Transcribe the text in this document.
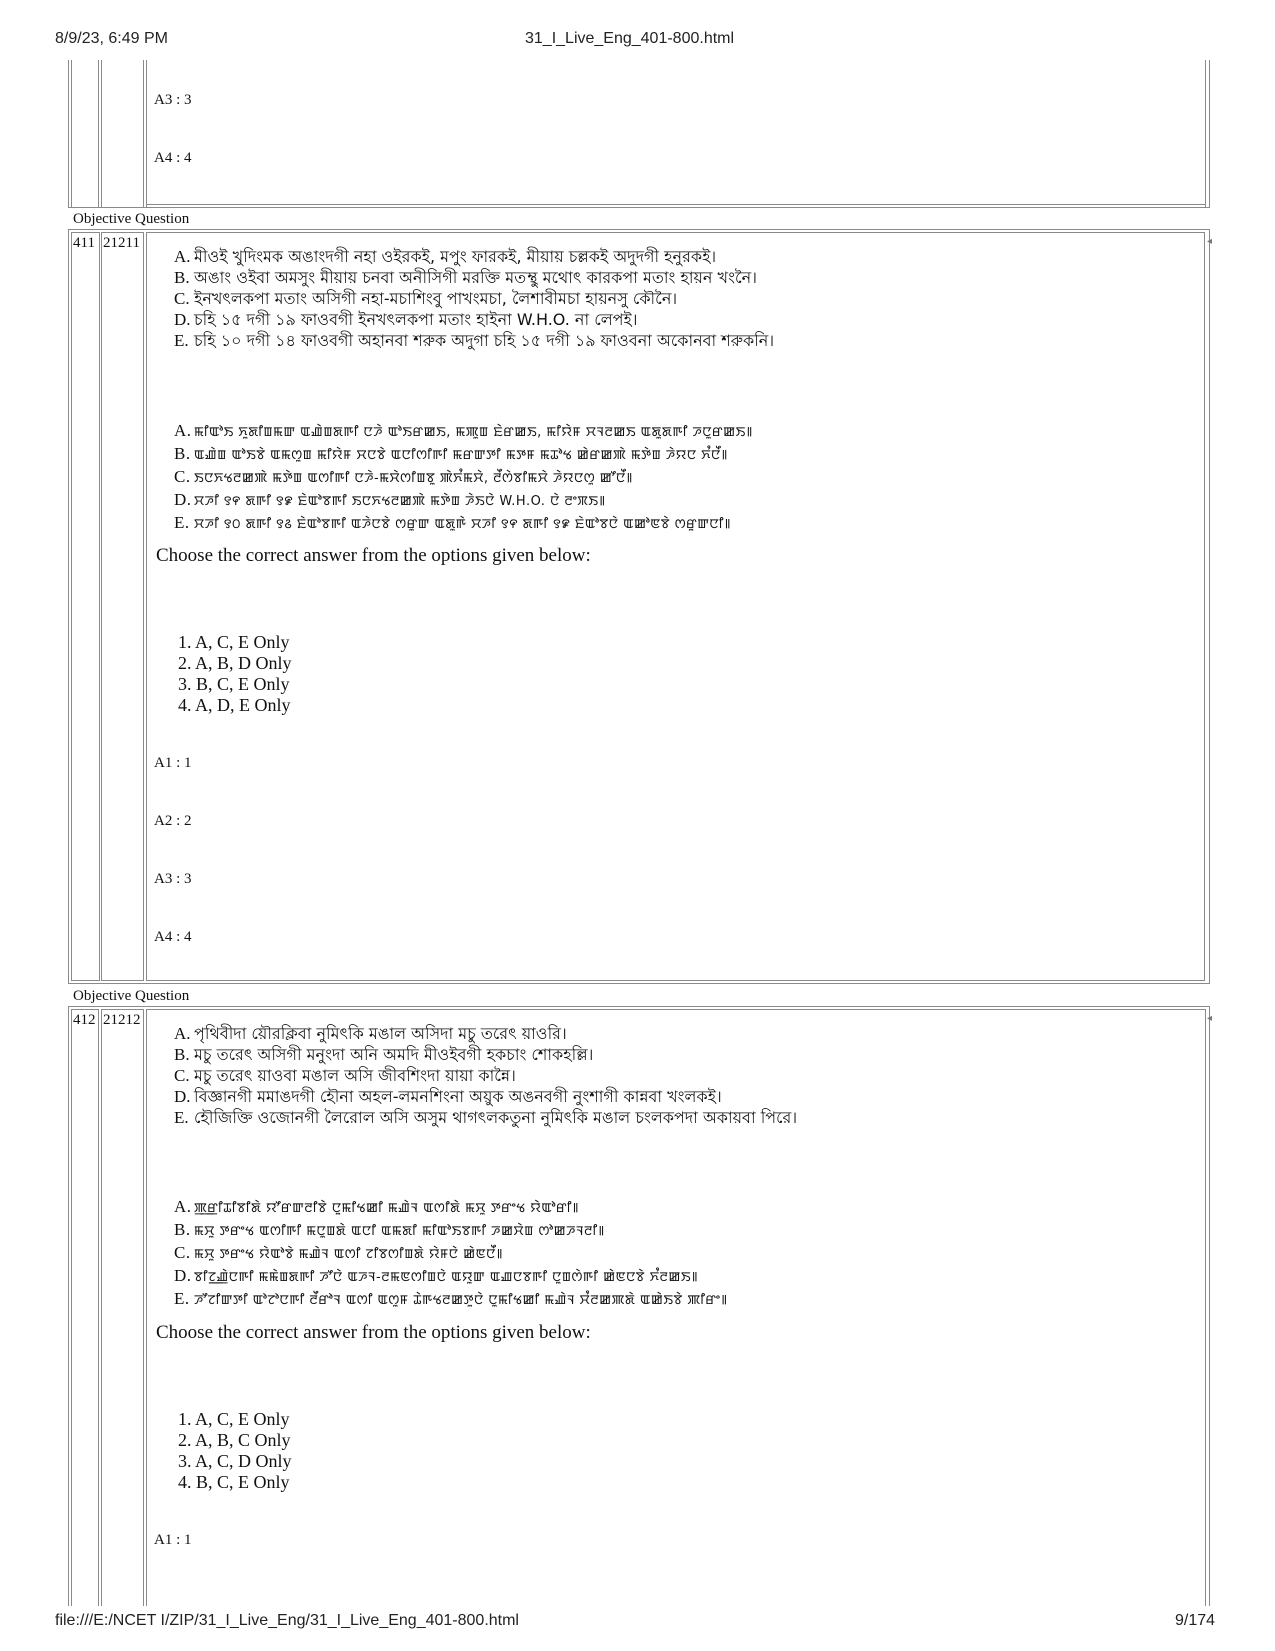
8/9/23, 6:49 PM	31_I_Live_Eng_401-800.html
A3 : 3
A4 : 4
Objective Question
411 21211	◂
A. মীওই খুদিংমক অঙাংদগী নহা ওইরকই, মপুং ফারকই, মীয়ায় চল্লকই অদুদগী হনুরকই।
B. অঙাং ওইবা অমসুং মীয়ায় চনবা অনীসিগী মরক্তি মতম্থু মথোৎ কারকপা মতাং হায়ন খংনৈ।
C. ইনখৎলকপা মতাং অসিগী নহা-মচাশিংবু পাখংমচা, লৈশাবীমচা হায়নসু কৌনৈ।
D. চহি ১৫ দগী ১৯ ফাওবগী ইনখৎলকপা মতাং হাইনা W.H.O. না লেপই।
E. চহি ১০ দগী ১৪ ফাওবগী অহানবা শরুক অদুগা চহি ১৫ দগী ১৯ ফাওবনা অকোনবা শরুকনি।
A. ꯃꯤꯑꯣꯏ ꯈꯨꯗꯤꯡꯃꯛ ꯑꯉꯥꯡꯗꯒꯤ ꯅꯍꯥ ꯑꯣꯏꯔꯀꯏ, ꯃꯄꯨꯡ ꯐꯥꯔꯀꯏ, ꯃꯤꯌꯥꯝ ꯆꯜꯂꯀꯏ ꯑꯗꯨꯗꯒꯤ ꯍꯅꯨꯔꯀꯏ꯫
B. ꯑꯉꯥꯡ ꯑꯣꯏꯕꯥ ꯑꯃꯁꯨꯡ ꯃꯤꯌꯥꯝ ꯆꯅꯕꯥ ꯑꯅꯤꯁꯤꯒꯤ ꯃꯔꯛꯇꯤ ꯃꯇꯝ ꯃꯊꯣꯠ ꯀꯥꯔꯀꯄꯥ ꯃꯇꯥꯡ ꯍꯥꯌꯅ ꯈꯪꯅꯩ꯫
C. ꯏꯅꯈꯠꯂꯀꯄꯥ ꯃꯇꯥꯡ ꯑꯁꯤꯒꯤ ꯅꯍꯥ-ꯃꯆꯥꯁꯤꯡꯕꯨ ꯄꯥꯈꯪꯃꯆꯥ, ꯂꯩꯁꯥꯕꯤꯃꯆꯥ ꯍꯥꯌꯅꯁꯨ ꯀꯧꯅꯩ꯫
D. ꯆꯍꯤ ꯱꯵ ꯗꯒꯤ ꯱꯹ ꯐꯥꯑꯣꯕꯒꯤ ꯏꯅꯈꯠꯂꯀꯄꯥ ꯃꯇꯥꯡ ꯍꯥꯏꯅꯥ W.H.O. ꯅꯥ ꯂꯦꯞꯏ꯫
E. ꯆꯍꯤ ꯱꯰ ꯗꯒꯤ ꯱꯴ ꯐꯥꯑꯣꯕꯒꯤ ꯑꯍꯥꯅꯕꯥ ꯁꯔꯨꯛ ꯑꯗꯨꯒꯥ ꯆꯍꯤ ꯱꯵ ꯗꯒꯤ ꯱꯹ ꯐꯥꯑꯣꯕꯅꯥ ꯑꯀꯣꯟꯕꯥ ꯁꯔꯨꯛꯅꯤ꯫
Choose the correct answer from the options given below:
1. A, C, E Only
2. A, B, D Only
3. B, C, E Only
4. A, D, E Only
A1 : 1
A2 : 2
A3 : 3
A4 : 4
Objective Question
412 21212	◂
A. পৃথিবীদা য়ৌরক্লিবা নুমিৎকি মঙাল অসিদা মচু তরেৎ য়াওরি।
B. মচু তরেৎ অসিগী মনুংদা অনি অমদি মীওইবগী হকচাং শোকহল্লি।
C. মচু তরেৎ য়াওবা মঙাল অসি জীবশিংদা য়ায়া কান্নৈ।
D. বিজ্ঞানগী মমাঙদগী হৌনা অহল-লমনশিংনা অয়ুক অঙনবগী নুংশাগী কান্নবা খংলকই।
E. হৌজিক্তি ওজোনগী লৈরোল অসি অসুম থাগৎলকতুনা নুমিৎকি মঙাল চংলকপদা অকায়বা পিরে।
A. ꯄ꯭ꯔꯤꯊꯤꯕꯤꯗꯥ ꯌꯧꯔꯛꯂꯤꯕꯥ ꯅꯨꯃꯤꯠꯀꯤ ꯃꯉꯥꯜ ꯑꯁꯤꯗꯥ ꯃꯆꯨ ꯇꯔꯦꯠ ꯌꯥꯑꯣꯔꯤ꯫
B. ꯃꯆꯨ ꯇꯔꯦꯠ ꯑꯁꯤꯒꯤ ꯃꯅꯨꯡꯗꯥ ꯑꯅꯤ ꯑꯃꯗꯤ ꯃꯤꯑꯣꯏꯕꯒꯤ ꯍꯀꯆꯥꯡ ꯁꯣꯀꯍꯜꯂꯤ꯫
C. ꯃꯆꯨ ꯇꯔꯦꯠ ꯌꯥꯑꯣꯕꯥ ꯃꯉꯥꯜ ꯑꯁꯤ ꯖꯤꯕꯁꯤꯡꯗꯥ ꯌꯥꯝꯅꯥ ꯀꯥꯟꯅꯩ꯫
D. ꯕꯤꯖ꯭ꯉꯥꯅꯒꯤ ꯃꯃꯥꯡꯗꯒꯤ ꯍꯧꯅꯥ ꯑꯍꯜ-ꯂꯃꯟꯁꯤꯡꯅꯥ ꯑꯌꯨꯛ ꯑꯉꯅꯕꯒꯤ ꯅꯨꯡꯁꯥꯒꯤ ꯀꯥꯟꯅꯕꯥ ꯈꯪꯂꯀꯏ꯫
E. ꯍꯧꯖꯤꯛꯇꯤ ꯑꯣꯖꯣꯅꯒꯤ ꯂꯩꯔꯣꯜ ꯑꯁꯤ ꯑꯁꯨꯝ ꯊꯥꯒꯠꯂꯀꯇꯨꯅꯥ ꯅꯨꯃꯤꯠꯀꯤ ꯃꯉꯥꯜ ꯆꯪꯂꯀꯄꯗꯥ ꯑꯀꯥꯏꯕꯥ ꯄꯤꯔꯦ꯫
Choose the correct answer from the options given below:
1. A, C, E Only
2. A, B, C Only
3. A, C, D Only
4. B, C, E Only
A1 : 1
file:///E:/NCET I/ZIP/31_I_Live_Eng/31_I_Live_Eng_401-800.html	9/174
